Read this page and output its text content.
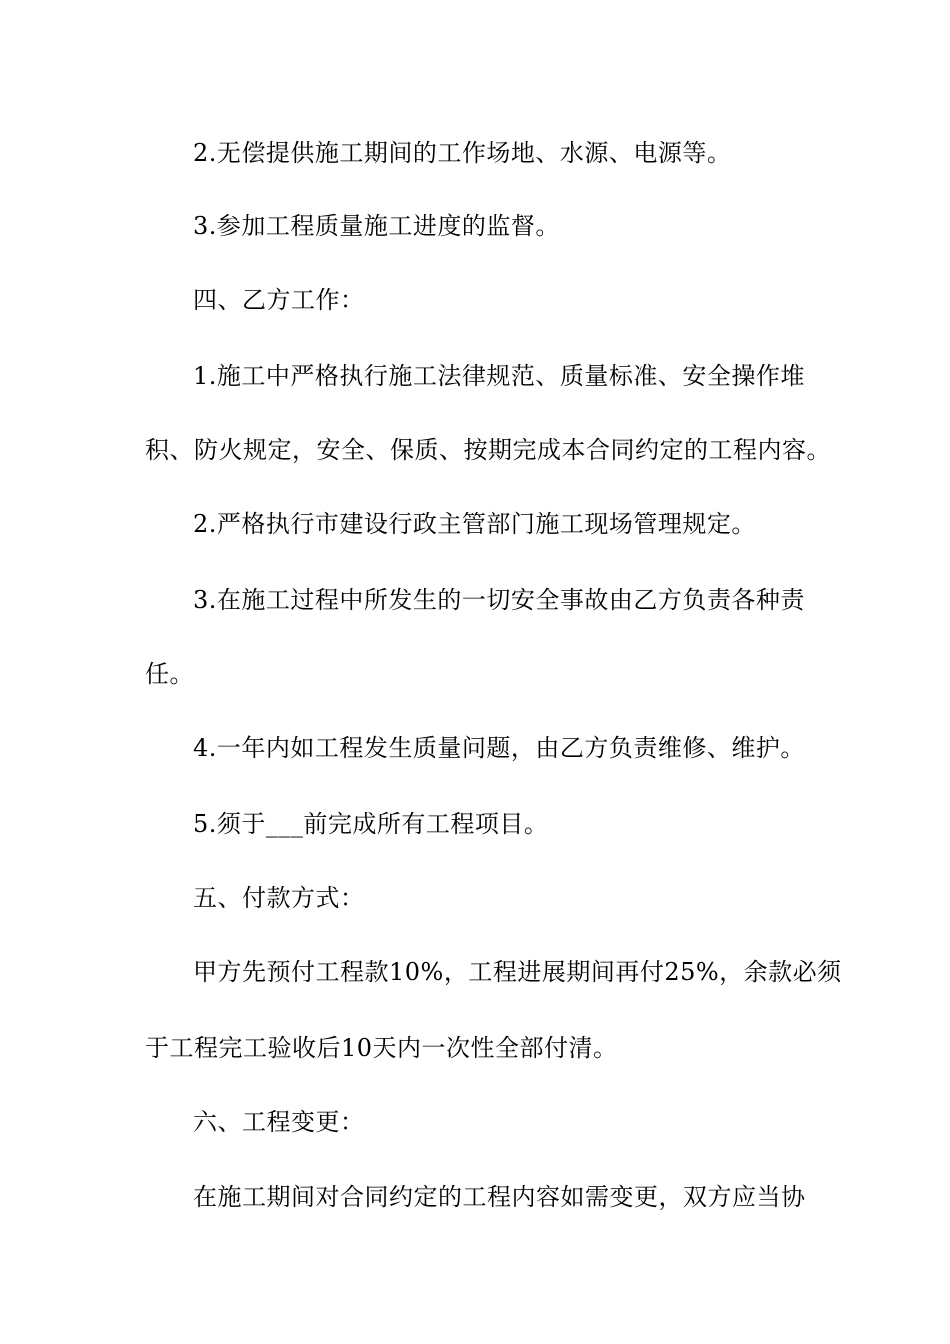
2.无偿提供施工期间的工作场地、水源、电源等。
3.参加工程质量施工进度的监督。
四、乙方工作：
1.施工中严格执行施工法律规范、质量标准、安全操作堆
积、防火规定，安全、保质、按期完成本合同约定的工程内容。
2.严格执行市建设行政主管部门施工现场管理规定。
3.在施工过程中所发生的一切安全事故由乙方负责各种责
任。
4.一年内如工程发生质量问题，由乙方负责维修、维护。
5.须于___前完成所有工程项目。
五、付款方式：
甲方先预付工程款10%，工程进展期间再付25%，余款必须
于工程完工验收后10天内一次性全部付清。
六、工程变更：
在施工期间对合同约定的工程内容如需变更，双方应当协
